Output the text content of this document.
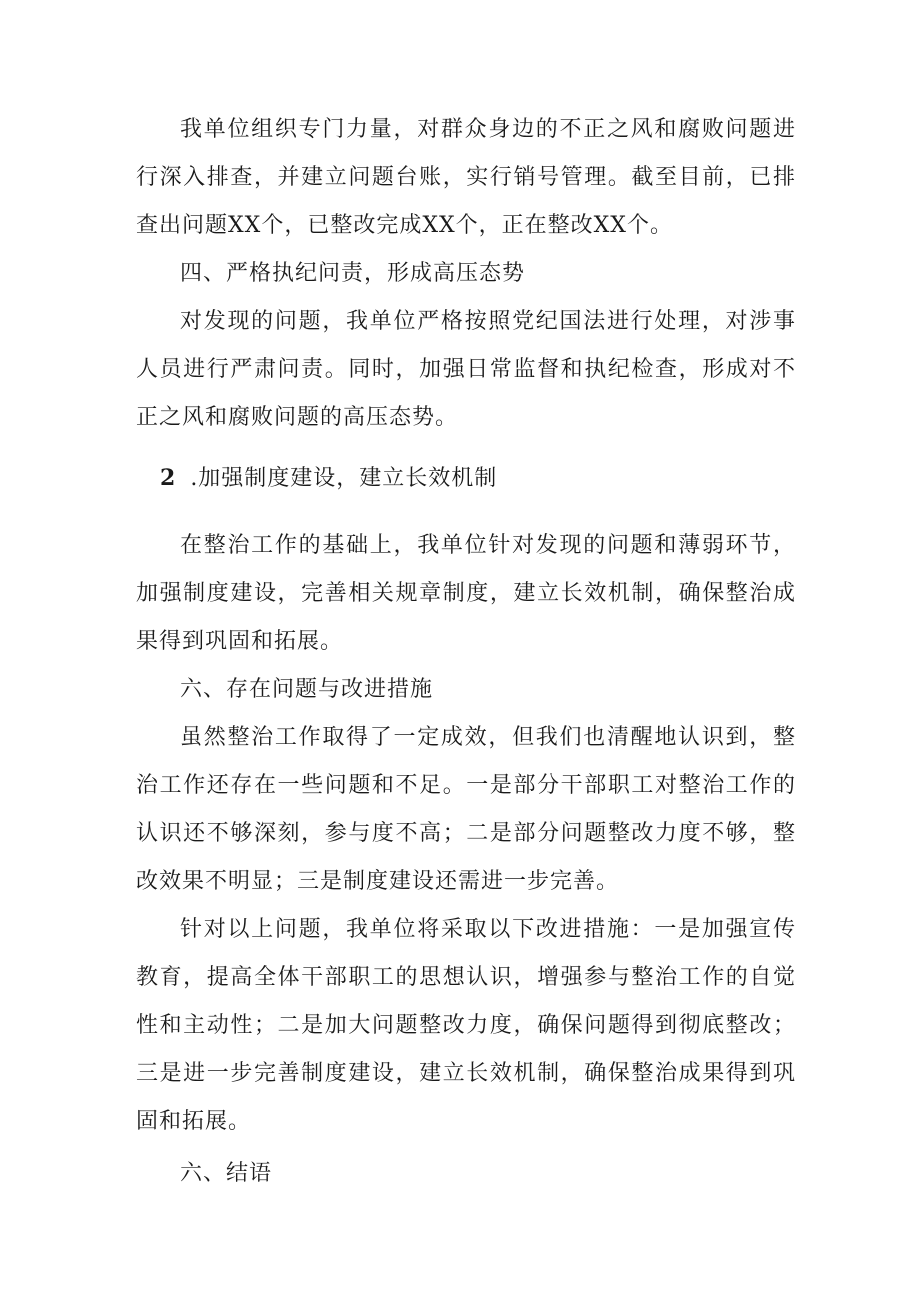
我单位组织专门力量，对群众身边的不正之风和腐败问题进行深入排查，并建立问题台账，实行销号管理。截至目前，已排查出问题XX个，已整改完成XX个，正在整改XX个。

四、严格执纪问责，形成高压态势

对发现的问题，我单位严格按照党纪国法进行处理，对涉事人员进行严肃问责。同时，加强日常监督和执纪检查，形成对不正之风和腐败问题的高压态势。

2 .加强制度建设，建立长效机制

在整治工作的基础上，我单位针对发现的问题和薄弱环节，加强制度建设，完善相关规章制度，建立长效机制，确保整治成果得到巩固和拓展。

六、存在问题与改进措施

虽然整治工作取得了一定成效，但我们也清醒地认识到，整治工作还存在一些问题和不足。一是部分干部职工对整治工作的认识还不够深刻，参与度不高；二是部分问题整改力度不够，整改效果不明显；三是制度建设还需进一步完善。

针对以上问题，我单位将采取以下改进措施：一是加强宣传教育，提高全体干部职工的思想认识，增强参与整治工作的自觉性和主动性；二是加大问题整改力度，确保问题得到彻底整改；三是进一步完善制度建设，建立长效机制，确保整治成果得到巩固和拓展。

六、结语
